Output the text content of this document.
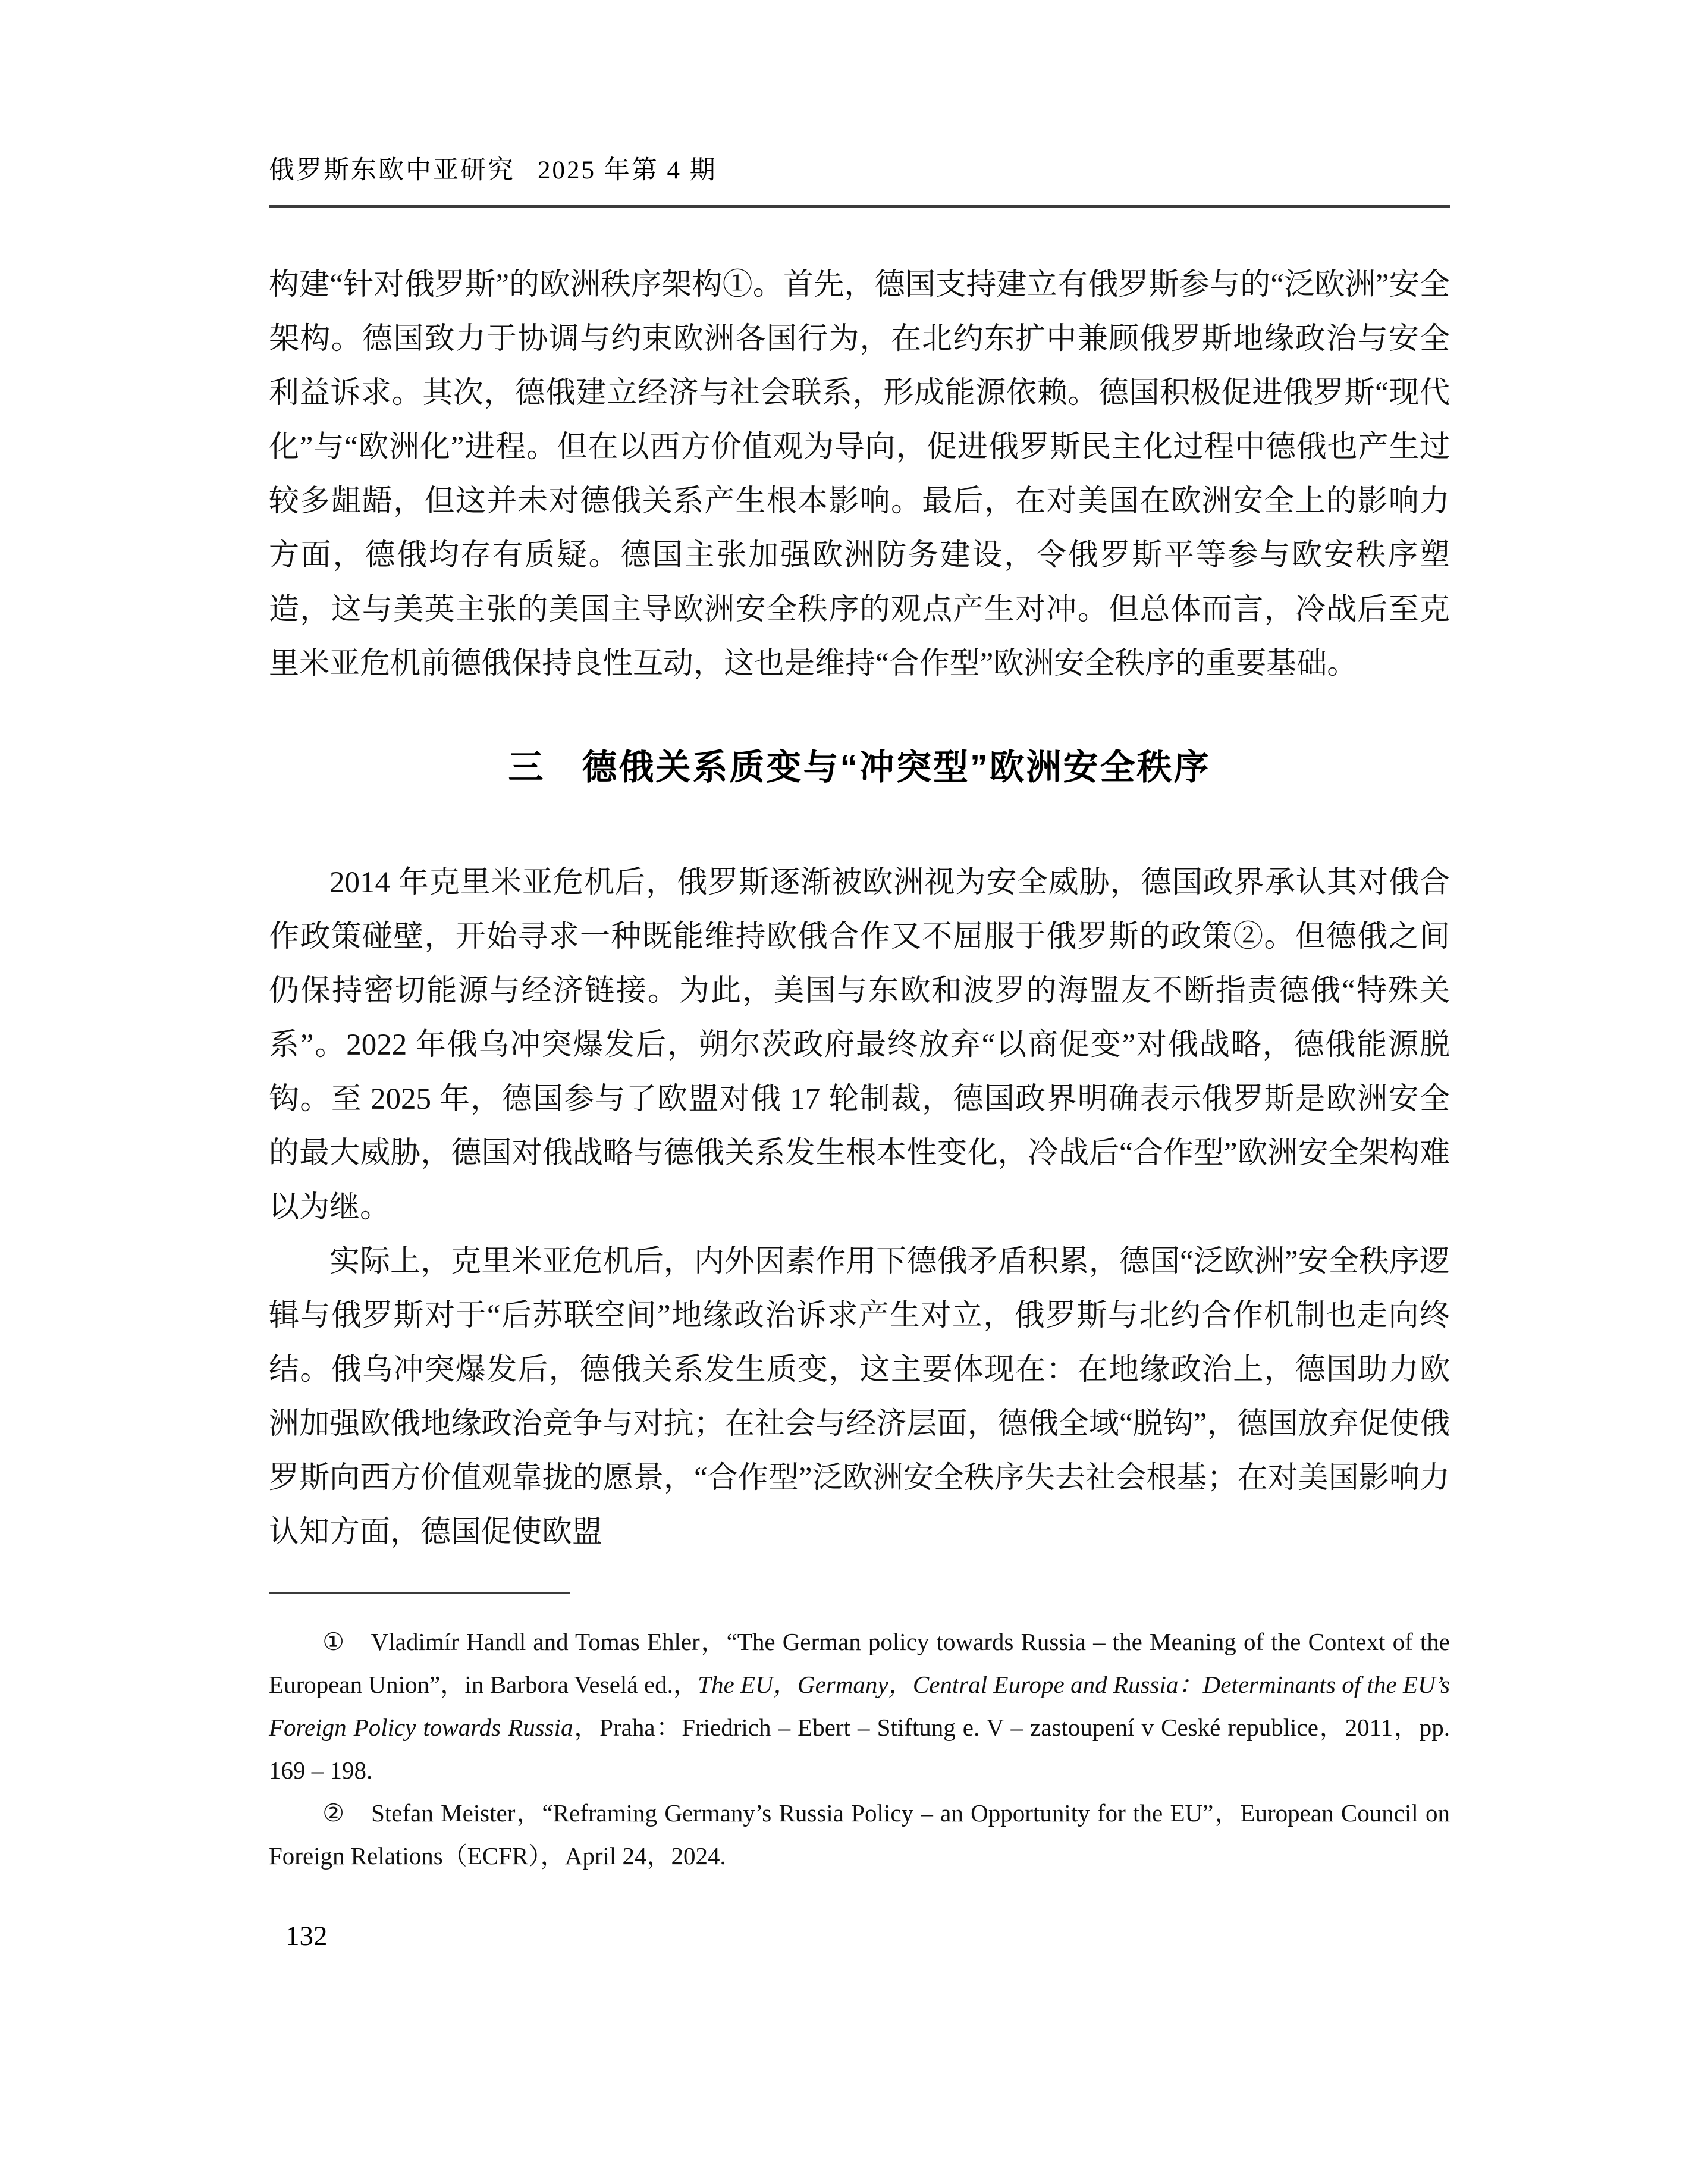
俄罗斯东欧中亚研究 2025 年第 4 期

构建“针对俄罗斯”的欧洲秩序架构①。首先，德国支持建立有俄罗斯参与的“泛欧洲”安全架构。德国致力于协调与约束欧洲各国行为，在北约东扩中兼顾俄罗斯地缘政治与安全利益诉求。其次，德俄建立经济与社会联系，形成能源依赖。德国积极促进俄罗斯“现代化”与“欧洲化”进程。但在以西方价值观为导向，促进俄罗斯民主化过程中德俄也产生过较多龃龉，但这并未对德俄关系产生根本影响。最后，在对美国在欧洲安全上的影响力方面，德俄均存有质疑。德国主张加强欧洲防务建设，令俄罗斯平等参与欧安秩序塑造，这与美英主张的美国主导欧洲安全秩序的观点产生对冲。但总体而言，冷战后至克里米亚危机前德俄保持良性互动，这也是维持“合作型”欧洲安全秩序的重要基础。

三　德俄关系质变与“冲突型”欧洲安全秩序

2014 年克里米亚危机后，俄罗斯逐渐被欧洲视为安全威胁，德国政界承认其对俄合作政策碰壁，开始寻求一种既能维持欧俄合作又不屈服于俄罗斯的政策②。但德俄之间仍保持密切能源与经济链接。为此，美国与东欧和波罗的海盟友不断指责德俄“特殊关系”。2022 年俄乌冲突爆发后，朔尔茨政府最终放弃“以商促变”对俄战略，德俄能源脱钩。至 2025 年，德国参与了欧盟对俄 17 轮制裁，德国政界明确表示俄罗斯是欧洲安全的最大威胁，德国对俄战略与德俄关系发生根本性变化，冷战后“合作型”欧洲安全架构难以为继。

实际上，克里米亚危机后，内外因素作用下德俄矛盾积累，德国“泛欧洲”安全秩序逻辑与俄罗斯对于“后苏联空间”地缘政治诉求产生对立，俄罗斯与北约合作机制也走向终结。俄乌冲突爆发后，德俄关系发生质变，这主要体现在：在地缘政治上，德国助力欧洲加强欧俄地缘政治竞争与对抗；在社会与经济层面，德俄全域“脱钩”，德国放弃促使俄罗斯向西方价值观靠拢的愿景，“合作型”泛欧洲安全秩序失去社会根基；在对美国影响力认知方面，德国促使欧盟

①　Vladimír Handl and Tomas Ehler，“The German policy towards Russia – the Meaning of the Context of the European Union”，in Barbora Veselá ed.，The EU，Germany，Central Europe and Russia：Determinants of the EU’s Foreign Policy towards Russia，Praha：Friedrich – Ebert – Stiftung e. V – zastoupení v Ceské republice，2011，pp. 169 – 198.

②　Stefan Meister，“Reframing Germany’s Russia Policy – an Opportunity for the EU”，European Council on Foreign Relations（ECFR），April 24，2024.

132
